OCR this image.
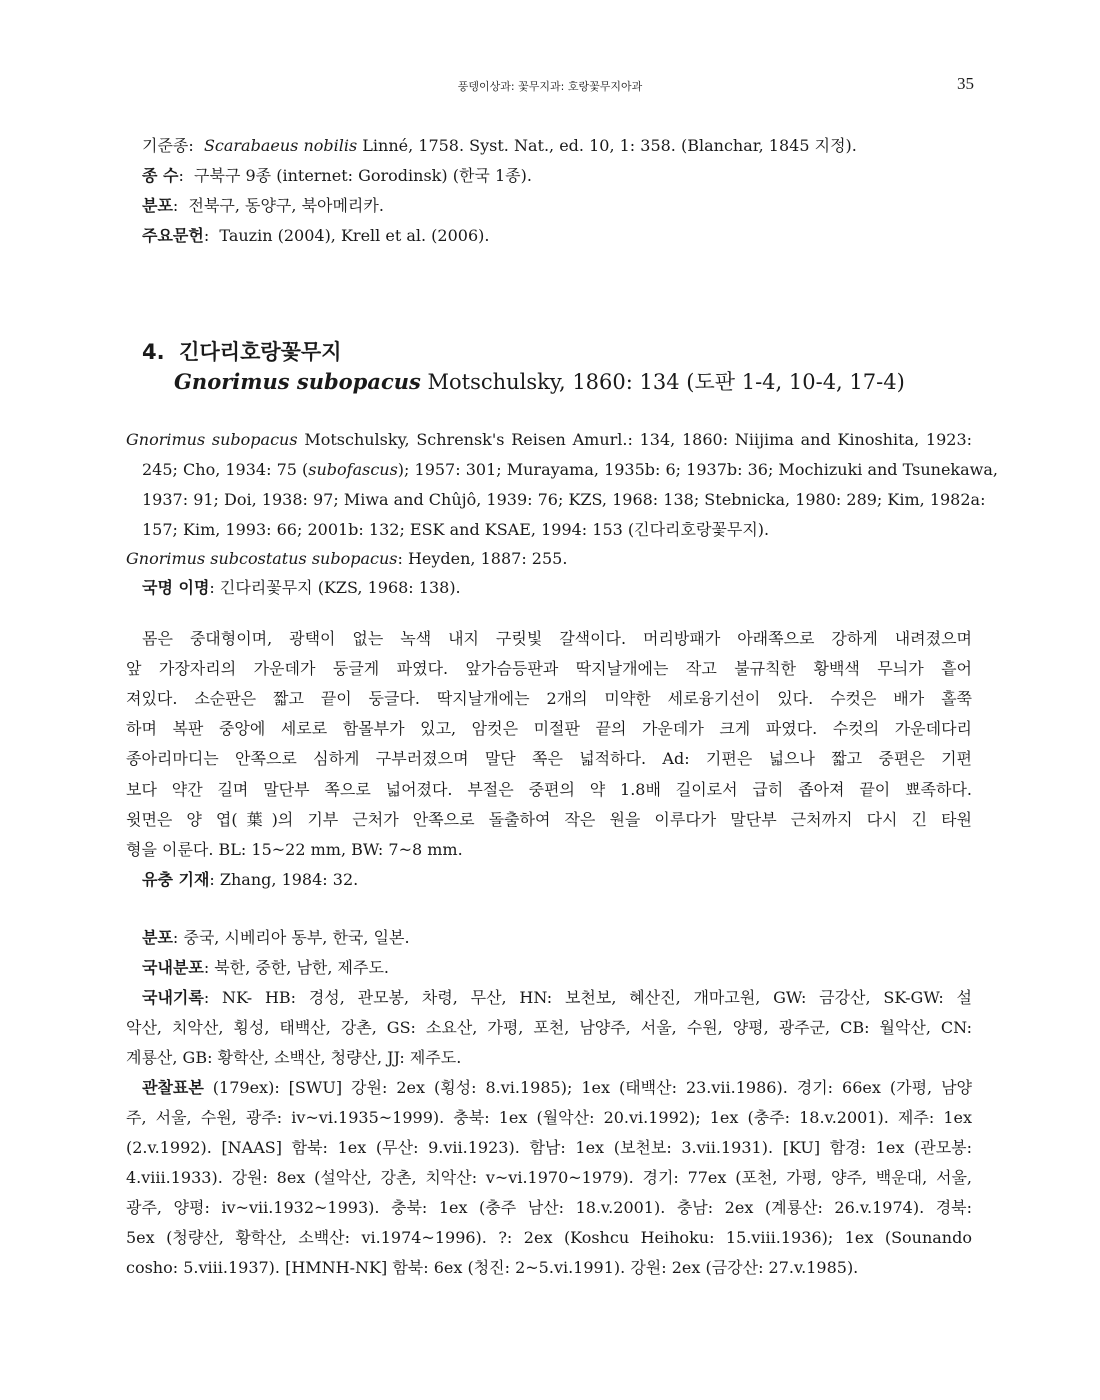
풍뎅이상과: 꽃무지과: 호랑꽃무지아과	35
기준종: Scarabaeus nobilis Linné, 1758. Syst. Nat., ed. 10, 1: 358. (Blanchar, 1845 지정).
종 수: 구북구 9종 (internet: Gorodinsk) (한국 1종).
분포: 전북구, 동양구, 북아메리카.
주요문헌: Tauzin (2004), Krell et al. (2006).
4. 긴다리호랑꽃무지
Gnorimus subopacus Motschulsky, 1860: 134 (도판 1-4, 10-4, 17-4)
Gnorimus subopacus Motschulsky, Schrensk's Reisen Amurl.: 134, 1860: Niijima and Kinoshita, 1923:
245; Cho, 1934: 75 (subofascus); 1957: 301; Murayama, 1935b: 6; 1937b: 36; Mochizuki and Tsunekawa,
1937: 91; Doi, 1938: 97; Miwa and Chûjô, 1939: 76; KZS, 1968: 138; Stebnicka, 1980: 289; Kim, 1982a:
157; Kim, 1993: 66; 2001b: 132; ESK and KSAE, 1994: 153 (긴다리호랑꽃무지).
Gnorimus subcostatus subopacus: Heyden, 1887: 255.
국명 이명: 긴다리꽃무지 (KZS, 1968: 138).
몸은 중대형이며, 광택이 없는 녹색 내지 구릿빛 갈색이다. 머리방패가 아래쪽으로 강하게 내려졌으며
앞 가장자리의 가운데가 둥글게 파였다. 앞가슴등판과 딱지날개에는 작고 불규칙한 황백색 무늬가 흩어
져있다. 소순판은 짧고 끝이 둥글다. 딱지날개에는 2개의 미약한 세로융기선이 있다. 수컷은 배가 홀쭉
하며 복판 중앙에 세로로 함몰부가 있고, 암컷은 미절판 끝의 가운데가 크게 파였다. 수컷의 가운데다리
종아리마디는 안쪽으로 심하게 구부러졌으며 말단 쪽은 넓적하다. Ad: 기편은 넓으나 짧고 중편은 기편
보다 약간 길며 말단부 쪽으로 넓어졌다. 부절은 중편의 약 1.8배 길이로서 급히 좁아져 끝이 뾰족하다.
윗면은 양 엽(葉)의 기부 근처가 안쪽으로 돌출하여 작은 원을 이루다가 말단부 근처까지 다시 긴 타원
형을 이룬다. BL: 15~22 mm, BW: 7~8 mm.
유충 기재: Zhang, 1984: 32.
분포: 중국, 시베리아 동부, 한국, 일본.
국내분포: 북한, 중한, 남한, 제주도.
국내기록: NK- HB: 경성, 관모봉, 차령, 무산, HN: 보천보, 혜산진, 개마고원, GW: 금강산, SK-GW: 설
악산, 치악산, 횡성, 태백산, 강촌, GS: 소요산, 가평, 포천, 남양주, 서울, 수원, 양평, 광주군, CB: 월악산, CN:
계룡산, GB: 황학산, 소백산, 청량산, JJ: 제주도.
관찰표본 (179ex): [SWU] 강원: 2ex (횡성: 8.vi.1985); 1ex (태백산: 23.vii.1986). 경기: 66ex (가평, 남양
주, 서울, 수원, 광주: iv~vi.1935~1999). 충북: 1ex (월악산: 20.vi.1992); 1ex (충주: 18.v.2001). 제주: 1ex
(2.v.1992). [NAAS] 함북: 1ex (무산: 9.vii.1923). 함남: 1ex (보천보: 3.vii.1931). [KU] 함경: 1ex (관모봉:
4.viii.1933). 강원: 8ex (설악산, 강촌, 치악산: v~vi.1970~1979). 경기: 77ex (포천, 가평, 양주, 백운대, 서울,
광주, 양평: iv~vii.1932~1993). 충북: 1ex (충주 남산: 18.v.2001). 충남: 2ex (계룡산: 26.v.1974). 경북:
5ex (청량산, 황학산, 소백산: vi.1974~1996). ?: 2ex (Koshcu Heihoku: 15.viii.1936); 1ex (Sounando
cosho: 5.viii.1937). [HMNH-NK] 함북: 6ex (청진: 2~5.vi.1991). 강원: 2ex (금강산: 27.v.1985).
